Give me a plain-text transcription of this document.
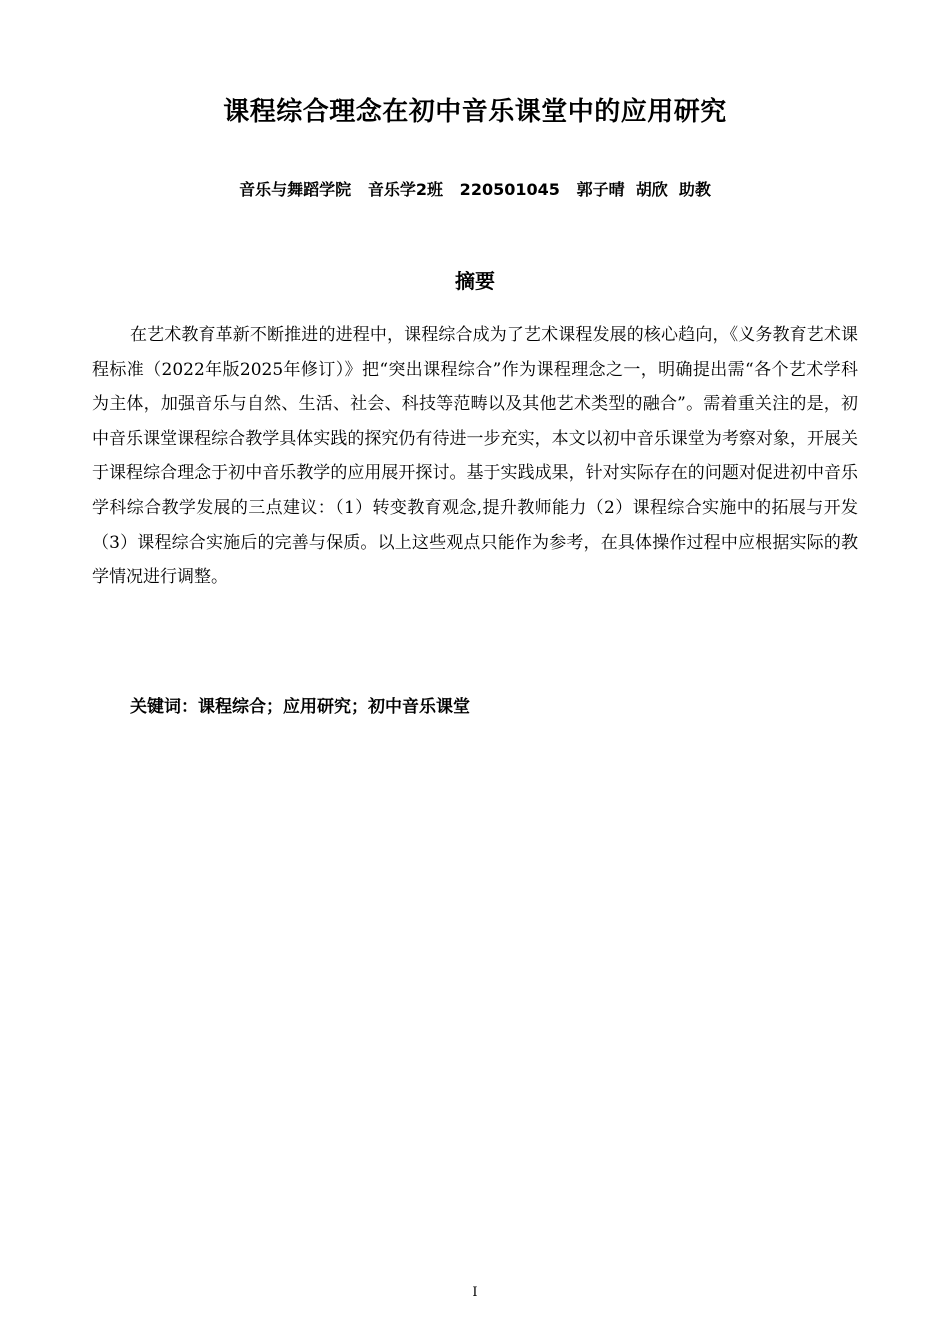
课程综合理念在初中音乐课堂中的应用研究
音乐与舞蹈学院   音乐学2班   220501045   郭子晴  胡欣  助教
摘要

在艺术教育革新不断推进的进程中，课程综合成为了艺术课程发展的核心趋向，《义务教育艺术课程标准（2022年版2025年修订）》把“突出课程综合”作为课程理念之一，明确提出需“各个艺术学科为主体，加强音乐与自然、生活、社会、科技等范畴以及其他艺术类型的融合”。需着重关注的是，初中音乐课堂课程综合教学具体实践的探究仍有待进一步充实，本文以初中音乐课堂为考察对象，开展关于课程综合理念于初中音乐教学的应用展开探讨。基于实践成果，针对实际存在的问题对促进初中音乐学科综合教学发展的三点建议：（1）转变教育观念,提升教师能力（2）课程综合实施中的拓展与开发（3）课程综合实施后的完善与保质。以上这些观点只能作为参考，在具体操作过程中应根据实际的教学情况进行调整。

关键词：课程综合；应用研究；初中音乐课堂

I
